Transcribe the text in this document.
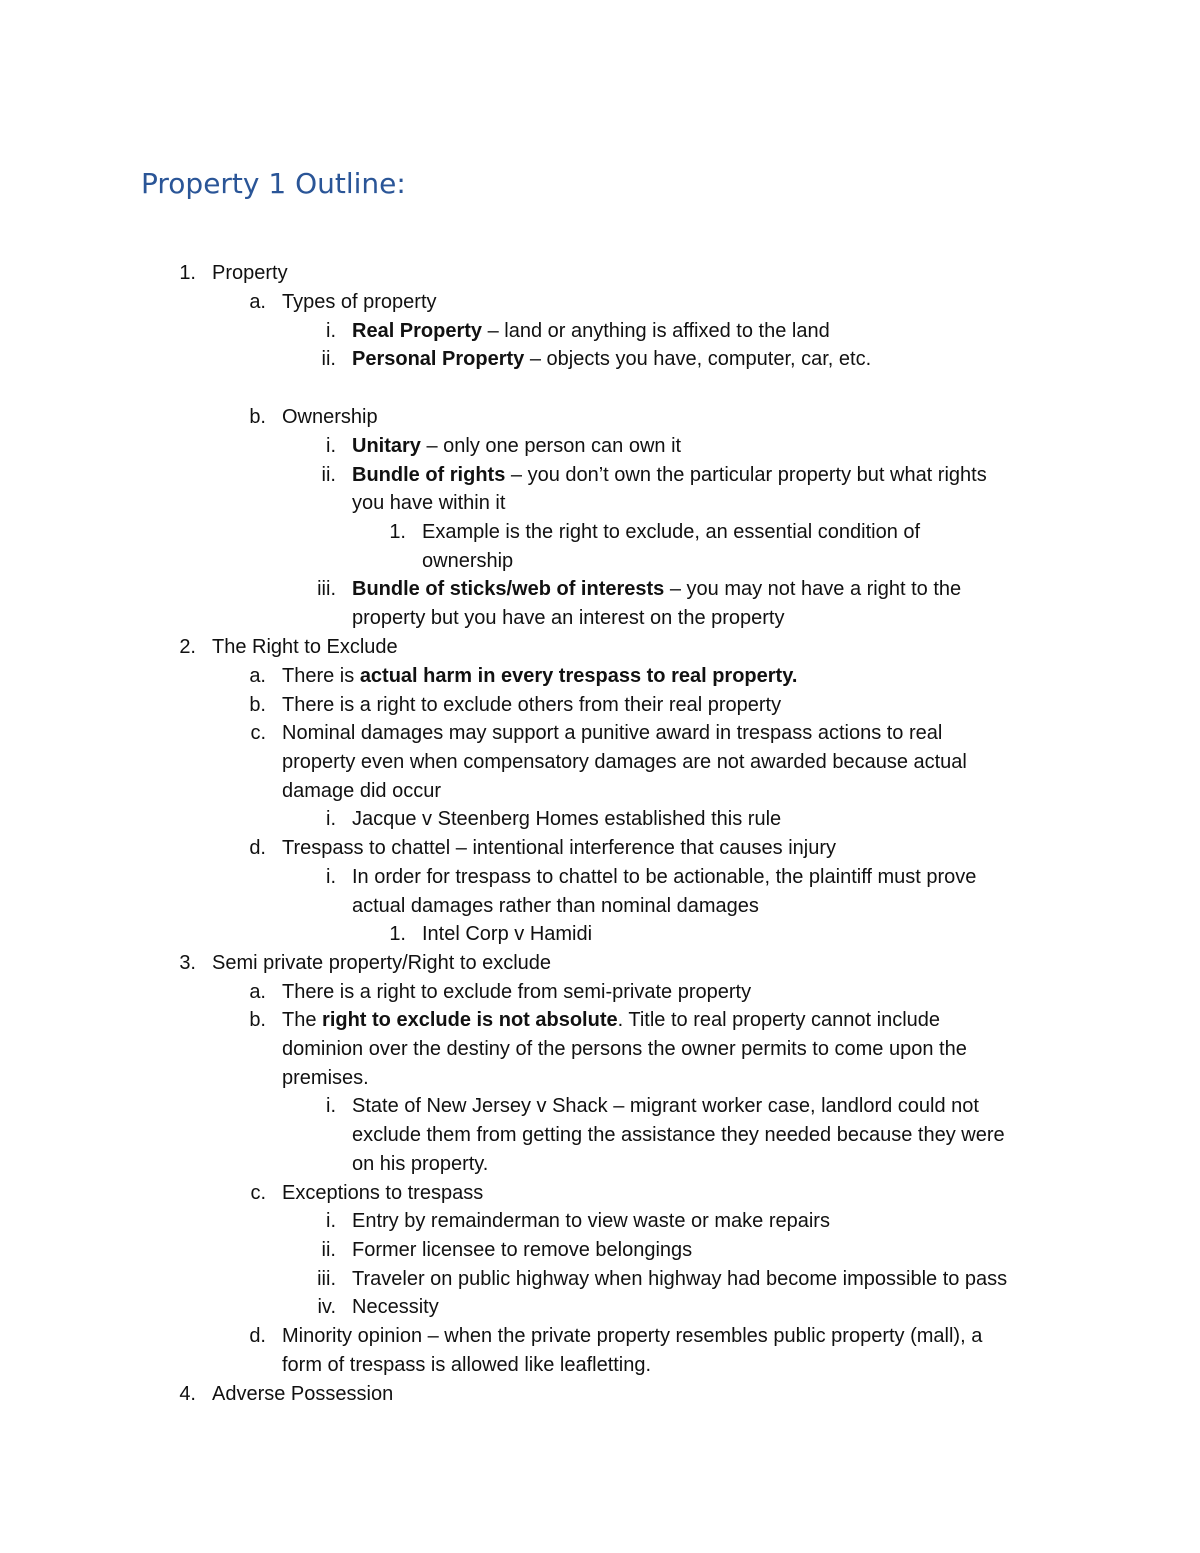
Property 1 Outline:
1. Property
a. Types of property
i. Real Property – land or anything is affixed to the land
ii. Personal Property – objects you have, computer, car, etc.
b. Ownership
i. Unitary – only one person can own it
ii. Bundle of rights – you don’t own the particular property but what rights
you have within it
1. Example is the right to exclude, an essential condition of
ownership
iii. Bundle of sticks/web of interests – you may not have a right to the
property but you have an interest on the property
2. The Right to Exclude
a. There is actual harm in every trespass to real property.
b. There is a right to exclude others from their real property
c. Nominal damages may support a punitive award in trespass actions to real
property even when compensatory damages are not awarded because actual
damage did occur
i. Jacque v Steenberg Homes established this rule
d. Trespass to chattel – intentional interference that causes injury
i. In order for trespass to chattel to be actionable, the plaintiff must prove
actual damages rather than nominal damages
1. Intel Corp v Hamidi
3. Semi private property/Right to exclude
a. There is a right to exclude from semi-private property
b. The right to exclude is not absolute. Title to real property cannot include
dominion over the destiny of the persons the owner permits to come upon the
premises.
i. State of New Jersey v Shack – migrant worker case, landlord could not
exclude them from getting the assistance they needed because they were
on his property.
c. Exceptions to trespass
i. Entry by remainderman to view waste or make repairs
ii. Former licensee to remove belongings
iii. Traveler on public highway when highway had become impossible to pass
iv. Necessity
d. Minority opinion – when the private property resembles public property (mall), a
form of trespass is allowed like leafletting.
4. Adverse Possession
